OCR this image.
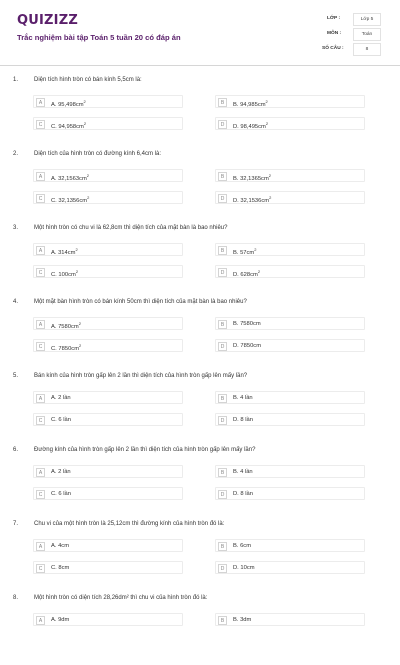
QUIZIZZ
Trắc nghiệm bài tập Toán 5 tuần 20 có đáp án
LỚP :	Lớp 5
MÔN :	Toán
SỐ CÂU :	8
1.	Diện tích hình tròn có bán kính 5,5cm là:
A	A. $95,498cm^2$	B	B. $94,985cm^2$
C	C. $94,958cm^2$	D	D. $98,495cm^2$
2.	Diện tích của hình tròn có đường kính 6,4cm là:
A	A. $32,1563cm^2$	B	B. $32,1365cm^2$
C	C. $32,1356cm^2$	D	D. $32,1536cm^2$
3.	Một hình tròn có chu vi là 62,8cm thì diện tích của mặt bàn là bao nhiêu?
A	A. $314cm^2$	B	B. $57cm^2$
C	C. $100cm^2$	D	D. $628cm^2$
4.	Một mặt bàn hình tròn có bán kính 50cm thì diện tích của mặt bàn là bao nhiêu?
A	A. $7580cm^2$	B	B. 7580cm
C	C. $7850cm^2$	D	D. 7850cm
5.	Bán kính của hình tròn gấp lên 2 lần thì diện tích của hình tròn gấp lên mấy lần?
A	A. 2 lần	B	B. 4 lần
C	C. 6 lần	D	D. 8 lần
6.	Đường kính của hình tròn gấp lên 2 lần thì diện tích của hình tròn gấp lên mấy lần?
A	A. 2 lần	B	B. 4 lần
C	C. 6 lần	D	D. 8 lần
7.	Chu vi của một hình tròn là 25,12cm thì đường kính của hình tròn đó là:
A	A. 4cm	B	B. 6cm
C	C. 8cm	D	D. 10cm
8.	Một hình tròn có diện tích 28,26dm² thì chu vi của hình tròn đó là:
A	A. 9dm	B	B. 3dm
